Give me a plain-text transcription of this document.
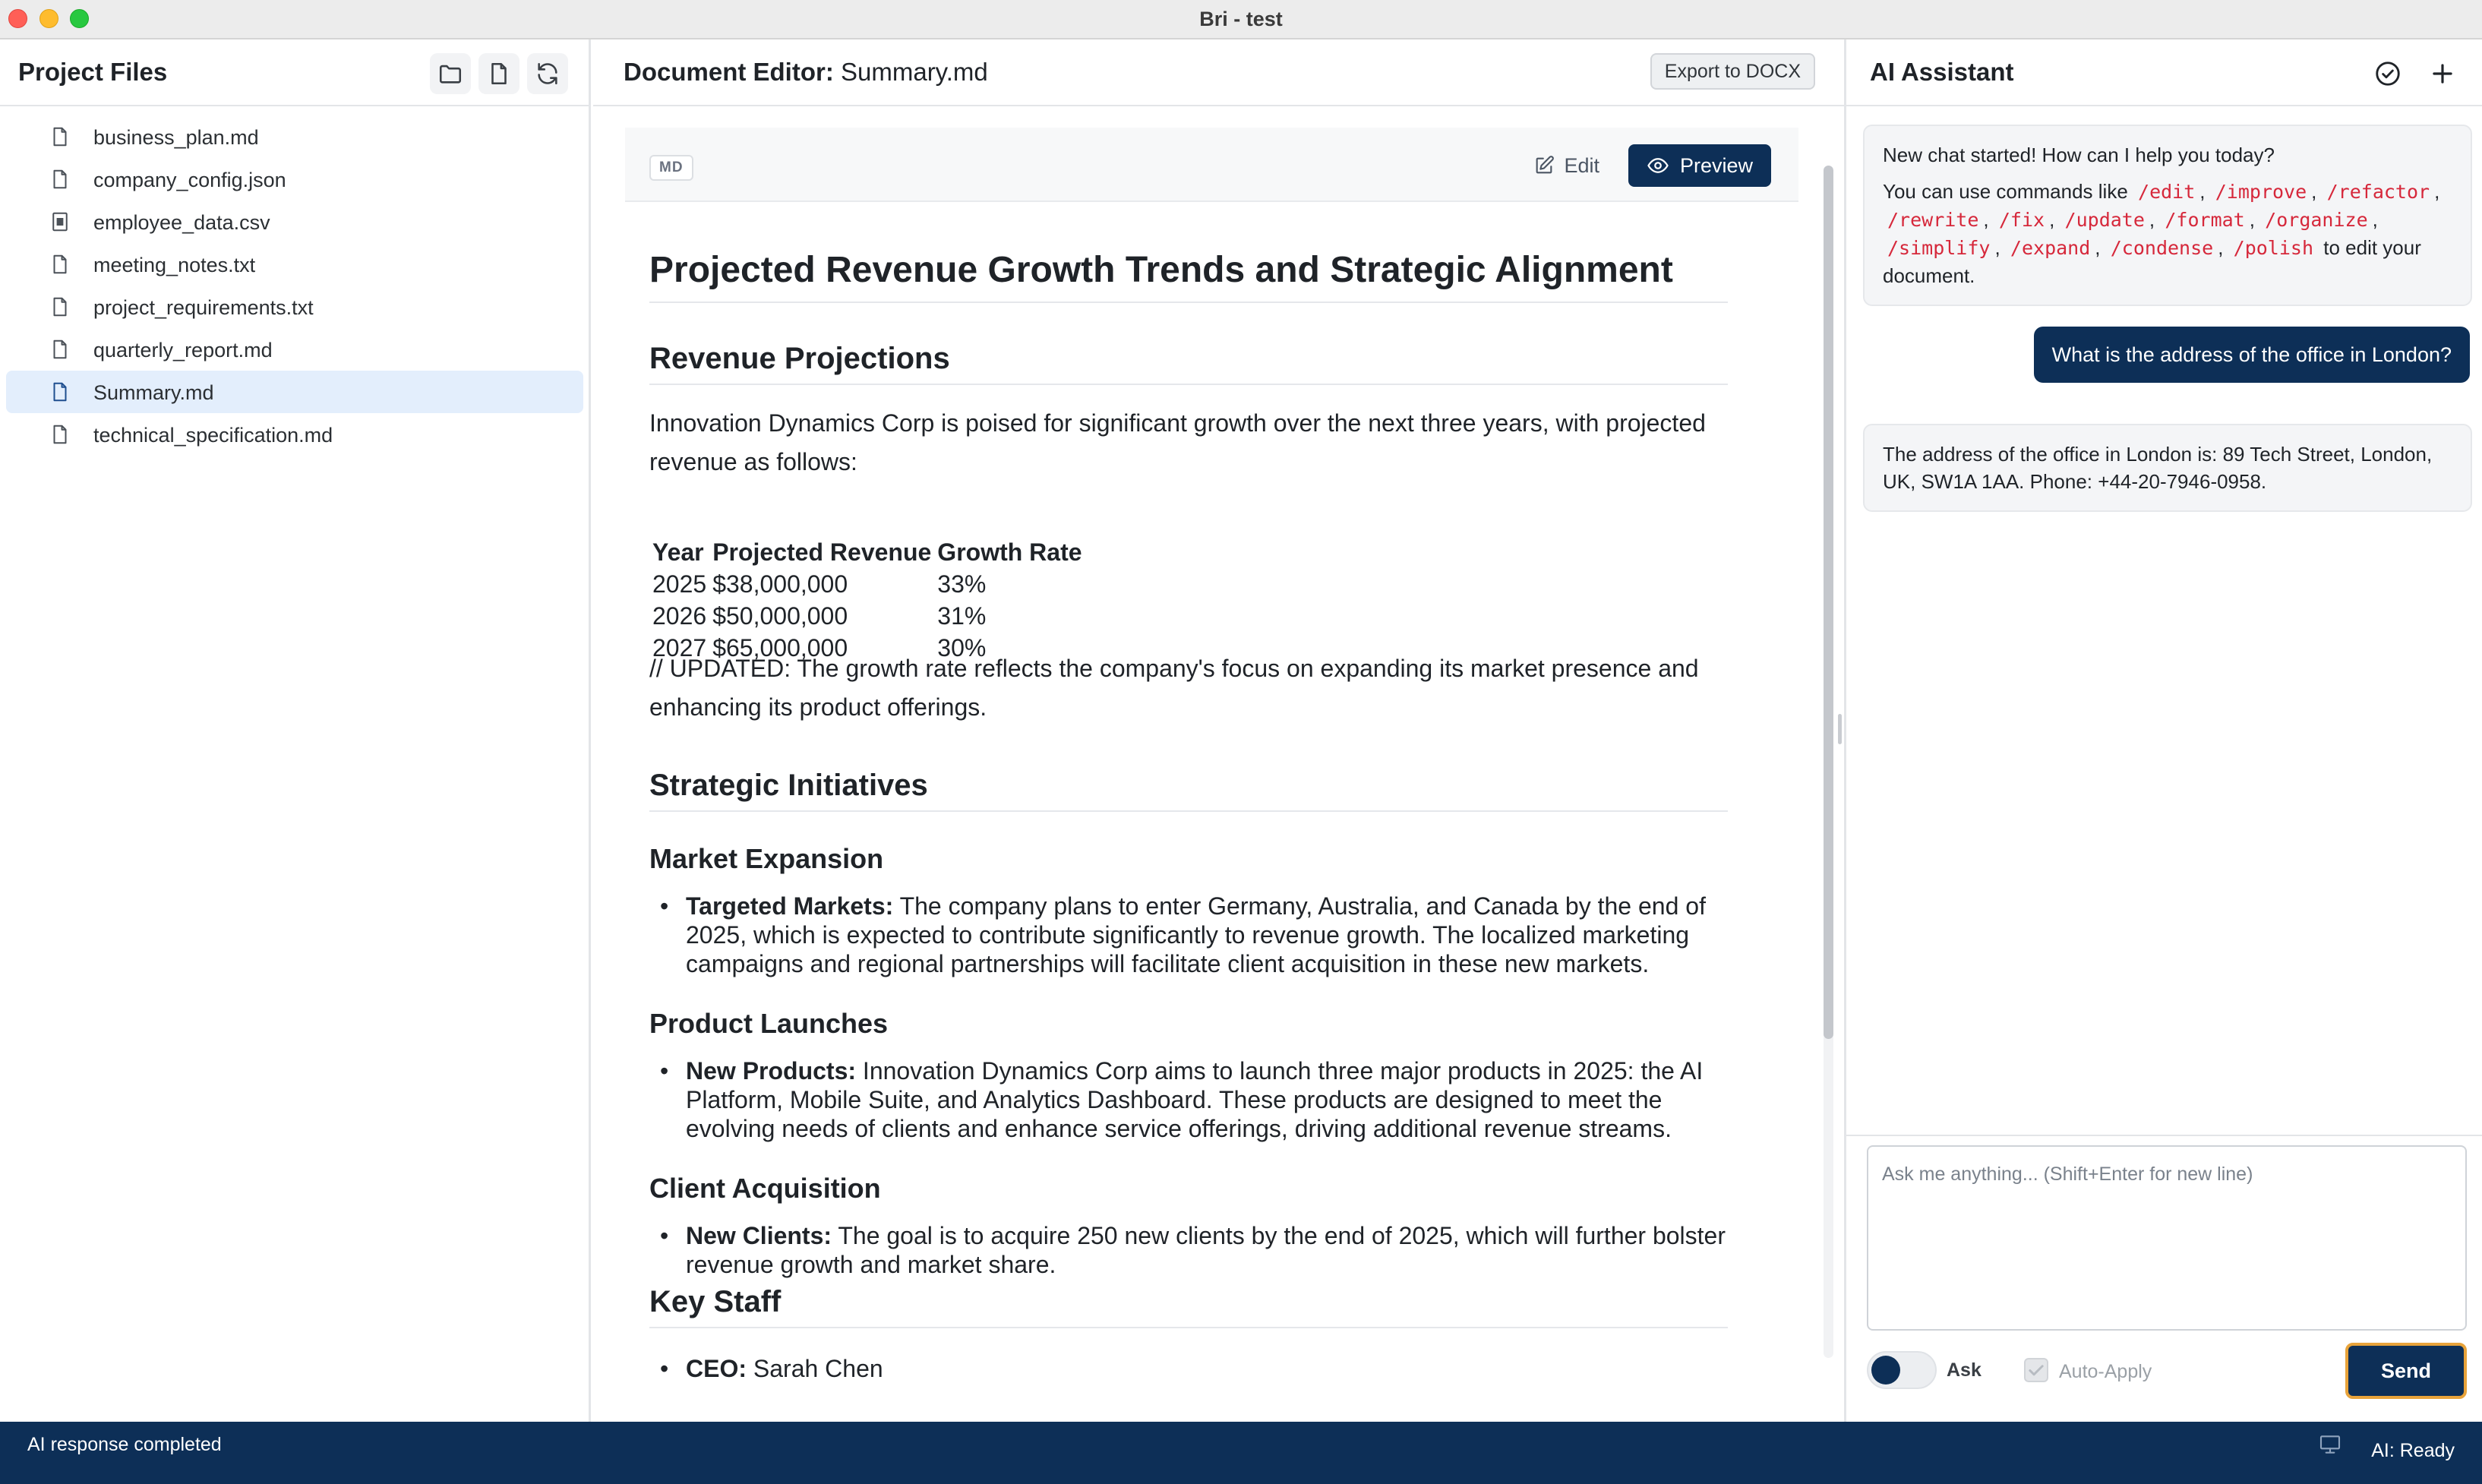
Bri - test
Project Files
business_plan.md
company_config.json
employee_data.csv
meeting_notes.txt
project_requirements.txt
quarterly_report.md
Summary.md
technical_specification.md
Document Editor: Summary.md	Export to DOCX
MD	Edit	Preview
Projected Revenue Growth Trends and Strategic Alignment
Revenue Projections
Innovation Dynamics Corp is poised for significant growth over the next three years, with projected revenue as follows:
Year	Projected Revenue	Growth Rate
2025	$38,000,000	33%
2026	$50,000,000	31%
2027	$65,000,000	30%
// UPDATED: The growth rate reflects the company's focus on expanding its market presence and enhancing its product offerings.
Strategic Initiatives
Market Expansion
• Targeted Markets: The company plans to enter Germany, Australia, and Canada by the end of 2025, which is expected to contribute significantly to revenue growth. The localized marketing campaigns and regional partnerships will facilitate client acquisition in these new markets.
Product Launches
• New Products: Innovation Dynamics Corp aims to launch three major products in 2025: the AI Platform, Mobile Suite, and Analytics Dashboard. These products are designed to meet the evolving needs of clients and enhance service offerings, driving additional revenue streams.
Client Acquisition
• New Clients: The goal is to acquire 250 new clients by the end of 2025, which will further bolster revenue growth and market share.
Key Staff
• CEO: Sarah Chen
AI Assistant
New chat started! How can I help you today?
You can use commands like /edit , /improve , /refactor , /rewrite , /fix , /update , /format , /organize , /simplify , /expand , /condense , /polish to edit your document.
What is the address of the office in London?
The address of the office in London is: 89 Tech Street, London, UK, SW1A 1AA. Phone: +44-20-7946-0958.
Ask me anything... (Shift+Enter for new line)
Ask	Auto-Apply	Send
AI response completed	AI: Ready
